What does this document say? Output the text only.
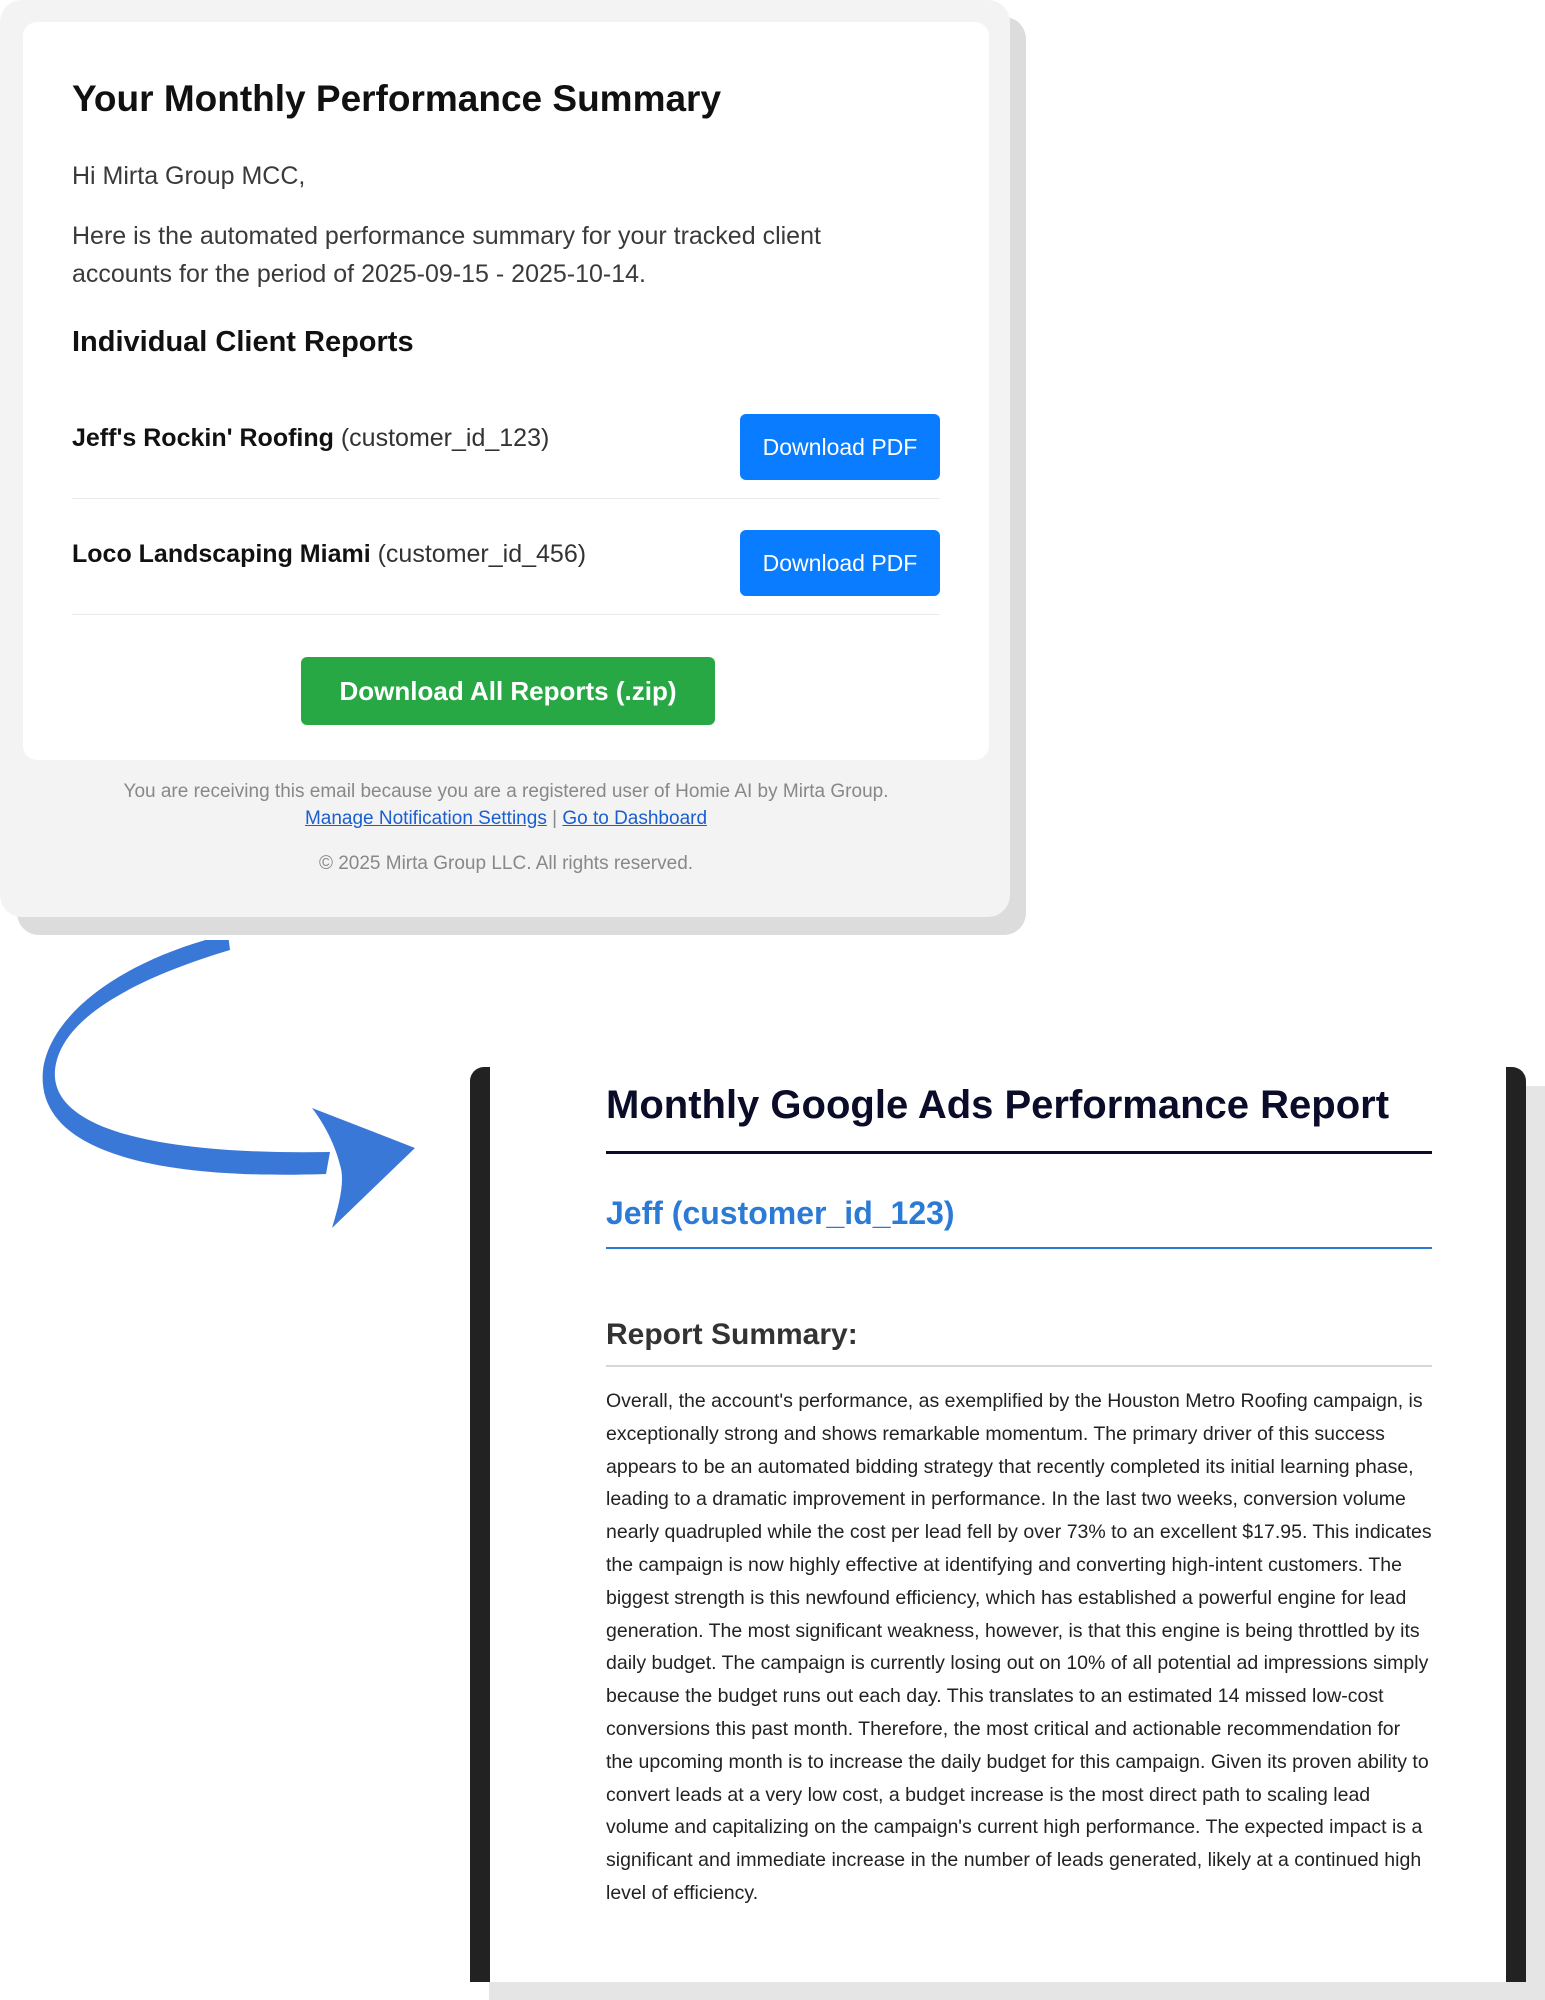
Your Monthly Performance Summary

Hi Mirta Group MCC,

Here is the automated performance summary for your tracked client accounts for the period of 2025-09-15 - 2025-10-14.

Individual Client Reports
Jeff's Rockin' Roofing (customer_id_123)	Download PDF
Loco Landscaping Miami (customer_id_456)	Download PDF
Download All Reports (.zip)

You are receiving this email because you are a registered user of Homie AI by Mirta Group.

Manage Notification Settings | Go to Dashboard

© 2025 Mirta Group LLC. All rights reserved.

Monthly Google Ads Performance Report
Jeff (customer_id_123)
Report Summary:

Overall, the account's performance, as exemplified by the Houston Metro Roofing campaign, is exceptionally strong and shows remarkable momentum. The primary driver of this success appears to be an automated bidding strategy that recently completed its initial learning phase, leading to a dramatic improvement in performance. In the last two weeks, conversion volume nearly quadrupled while the cost per lead fell by over 73% to an excellent $17.95. This indicates the campaign is now highly effective at identifying and converting high-intent customers. The biggest strength is this newfound efficiency, which has established a powerful engine for lead generation. The most significant weakness, however, is that this engine is being throttled by its daily budget. The campaign is currently losing out on 10% of all potential ad impressions simply because the budget runs out each day. This translates to an estimated 14 missed low-cost conversions this past month. Therefore, the most critical and actionable recommendation for the upcoming month is to increase the daily budget for this campaign. Given its proven ability to convert leads at a very low cost, a budget increase is the most direct path to scaling lead volume and capitalizing on the campaign's current high performance. The expected impact is a significant and immediate increase in the number of leads generated, likely at a continued high level of efficiency.
